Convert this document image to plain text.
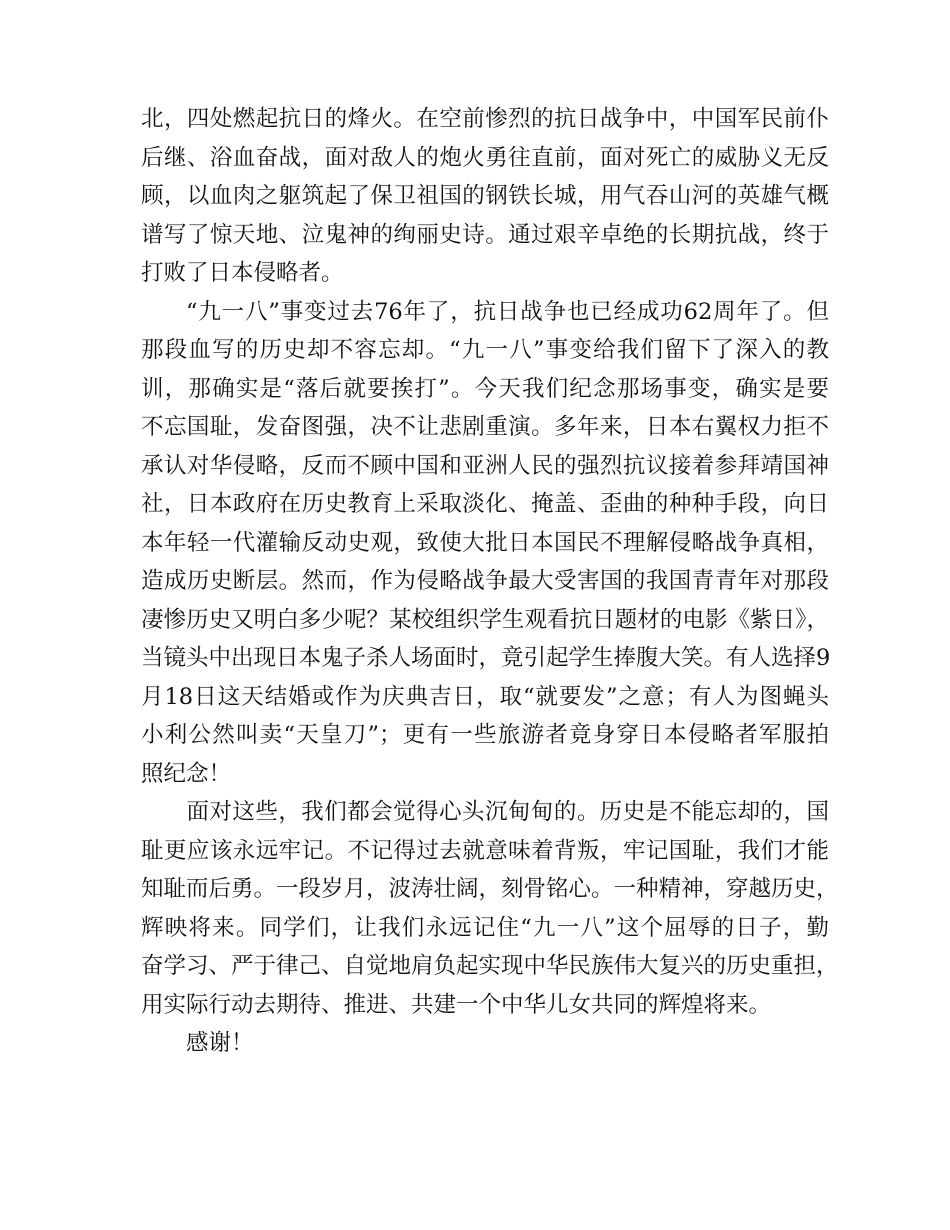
北，四处燃起抗日的烽火。在空前惨烈的抗日战争中，中国军民前仆
后继、浴血奋战，面对敌人的炮火勇往直前，面对死亡的威胁义无反
顾，以血肉之躯筑起了保卫祖国的钢铁长城，用气吞山河的英雄气概
谱写了惊天地、泣鬼神的绚丽史诗。通过艰辛卓绝的长期抗战，终于
打败了日本侵略者。
“九一八”事变过去76年了，抗日战争也已经成功62周年了。但
那段血写的历史却不容忘却。“九一八”事变给我们留下了深入的教
训，那确实是“落后就要挨打”。今天我们纪念那场事变，确实是要
不忘国耻，发奋图强，决不让悲剧重演。多年来，日本右翼权力拒不
承认对华侵略，反而不顾中国和亚洲人民的强烈抗议接着参拜靖国神
社，日本政府在历史教育上采取淡化、掩盖、歪曲的种种手段，向日
本年轻一代灌输反动史观，致使大批日本国民不理解侵略战争真相，
造成历史断层。然而，作为侵略战争最大受害国的我国青青年对那段
凄惨历史又明白多少呢？某校组织学生观看抗日题材的电影《紫日》，
当镜头中出现日本鬼子杀人场面时，竟引起学生捧腹大笑。有人选择9
月18日这天结婚或作为庆典吉日，取“就要发”之意；有人为图蝇头
小利公然叫卖“天皇刀”；更有一些旅游者竟身穿日本侵略者军服拍
照纪念！
面对这些，我们都会觉得心头沉甸甸的。历史是不能忘却的，国
耻更应该永远牢记。不记得过去就意味着背叛，牢记国耻，我们才能
知耻而后勇。一段岁月，波涛壮阔，刻骨铭心。一种精神，穿越历史，
辉映将来。同学们，让我们永远记住“九一八”这个屈辱的日子，勤
奋学习、严于律己、自觉地肩负起实现中华民族伟大复兴的历史重担，
用实际行动去期待、推进、共建一个中华儿女共同的辉煌将来。
感谢！
